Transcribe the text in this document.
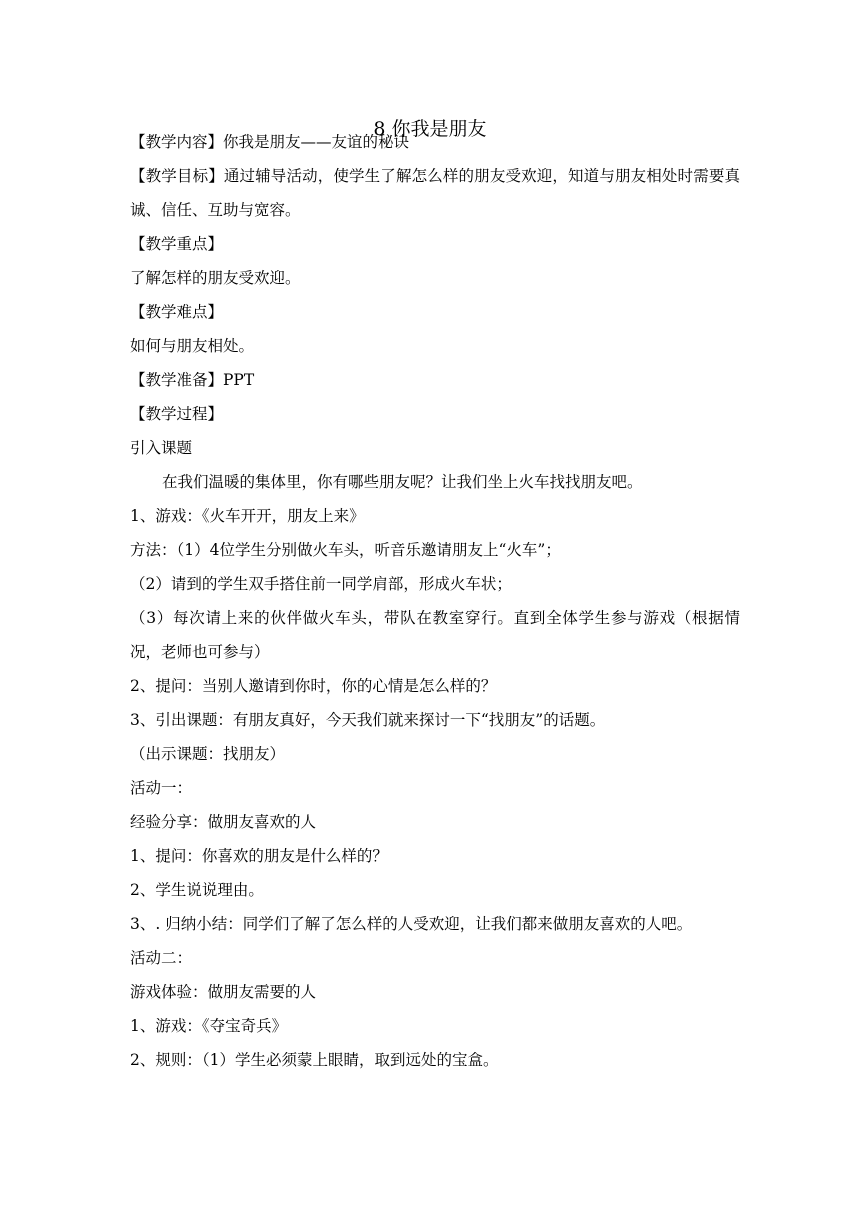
8 你我是朋友
【教学内容】你我是朋友——友谊的秘诀
【教学目标】通过辅导活动，使学生了解怎么样的朋友受欢迎，知道与朋友相处时需要真诚、信任、互助与宽容。
【教学重点】
了解怎样的朋友受欢迎。
【教学难点】
如何与朋友相处。
【教学准备】PPT
【教学过程】
引入课题
在我们温暖的集体里，你有哪些朋友呢？让我们坐上火车找找朋友吧。
1、游戏：《火车开开，朋友上来》
方法：（1）4位学生分别做火车头，听音乐邀请朋友上“火车”；
（2）请到的学生双手搭住前一同学肩部，形成火车状；
（3）每次请上来的伙伴做火车头，带队在教室穿行。直到全体学生参与游戏（根据情况，老师也可参与）
2、提问：当别人邀请到你时，你的心情是怎么样的？
3、引出课题：有朋友真好，今天我们就来探讨一下“找朋友”的话题。
（出示课题：找朋友）
活动一：
经验分享：做朋友喜欢的人
1、提问：你喜欢的朋友是什么样的？
2、学生说说理由。
3、. 归纳小结：同学们了解了怎么样的人受欢迎，让我们都来做朋友喜欢的人吧。
活动二：
游戏体验：做朋友需要的人
1、游戏：《夺宝奇兵》
2、规则：（1）学生必须蒙上眼睛，取到远处的宝盒。
